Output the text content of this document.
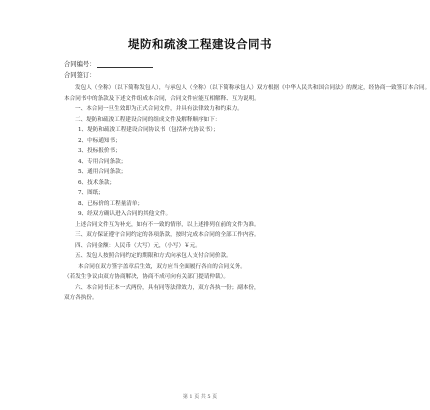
堤防和疏浚工程建设合同书
合同编号：
合同签订：

发包人（全称）（以下简称发包人），与承包人（全称）（以下简称承包人）双方根据《中华人民共和国合同法》的规定，经协商一致签订本合同。

本合同书中的条款及下述文件组成本合同，合同文件应能互相解释、互为说明。

一、本合同一旦生效即为正式合同文件，并具有法律效力和约束力。

二、堤防和疏浚工程建设合同的组成文件及解释顺序如下：

1、堤防和疏浚工程建设合同协议书（包括补充协议书）；

2、中标通知书；

3、投标报价书；

4、专用合同条款；

5、通用合同条款；

6、技术条款；

7、图纸；

8、已标价的工程量清单；

9、经双方确认进入合同的其他文件。

上述合同文件互为补充，如有不一致的情形，以上述排列在前的文件为准。

三、双方保证遵守合同约定的各项条款，按时完成本合同的全部工作内容。

四、合同金额：人民币（大写）元，（小写）￥元。

五、发包人按照合同约定的期限和方式向承包人支付合同价款。

本合同在双方签字盖章后生效，双方应当全面履行各自的合同义务。

（若发生争议由双方协商解决，协商不成可向有关部门提请仲裁）。

六、本合同书正本一式两份，具有同等法律效力，双方各执一份；副本份，

双方各执份。

第 1 页 共 5 页
